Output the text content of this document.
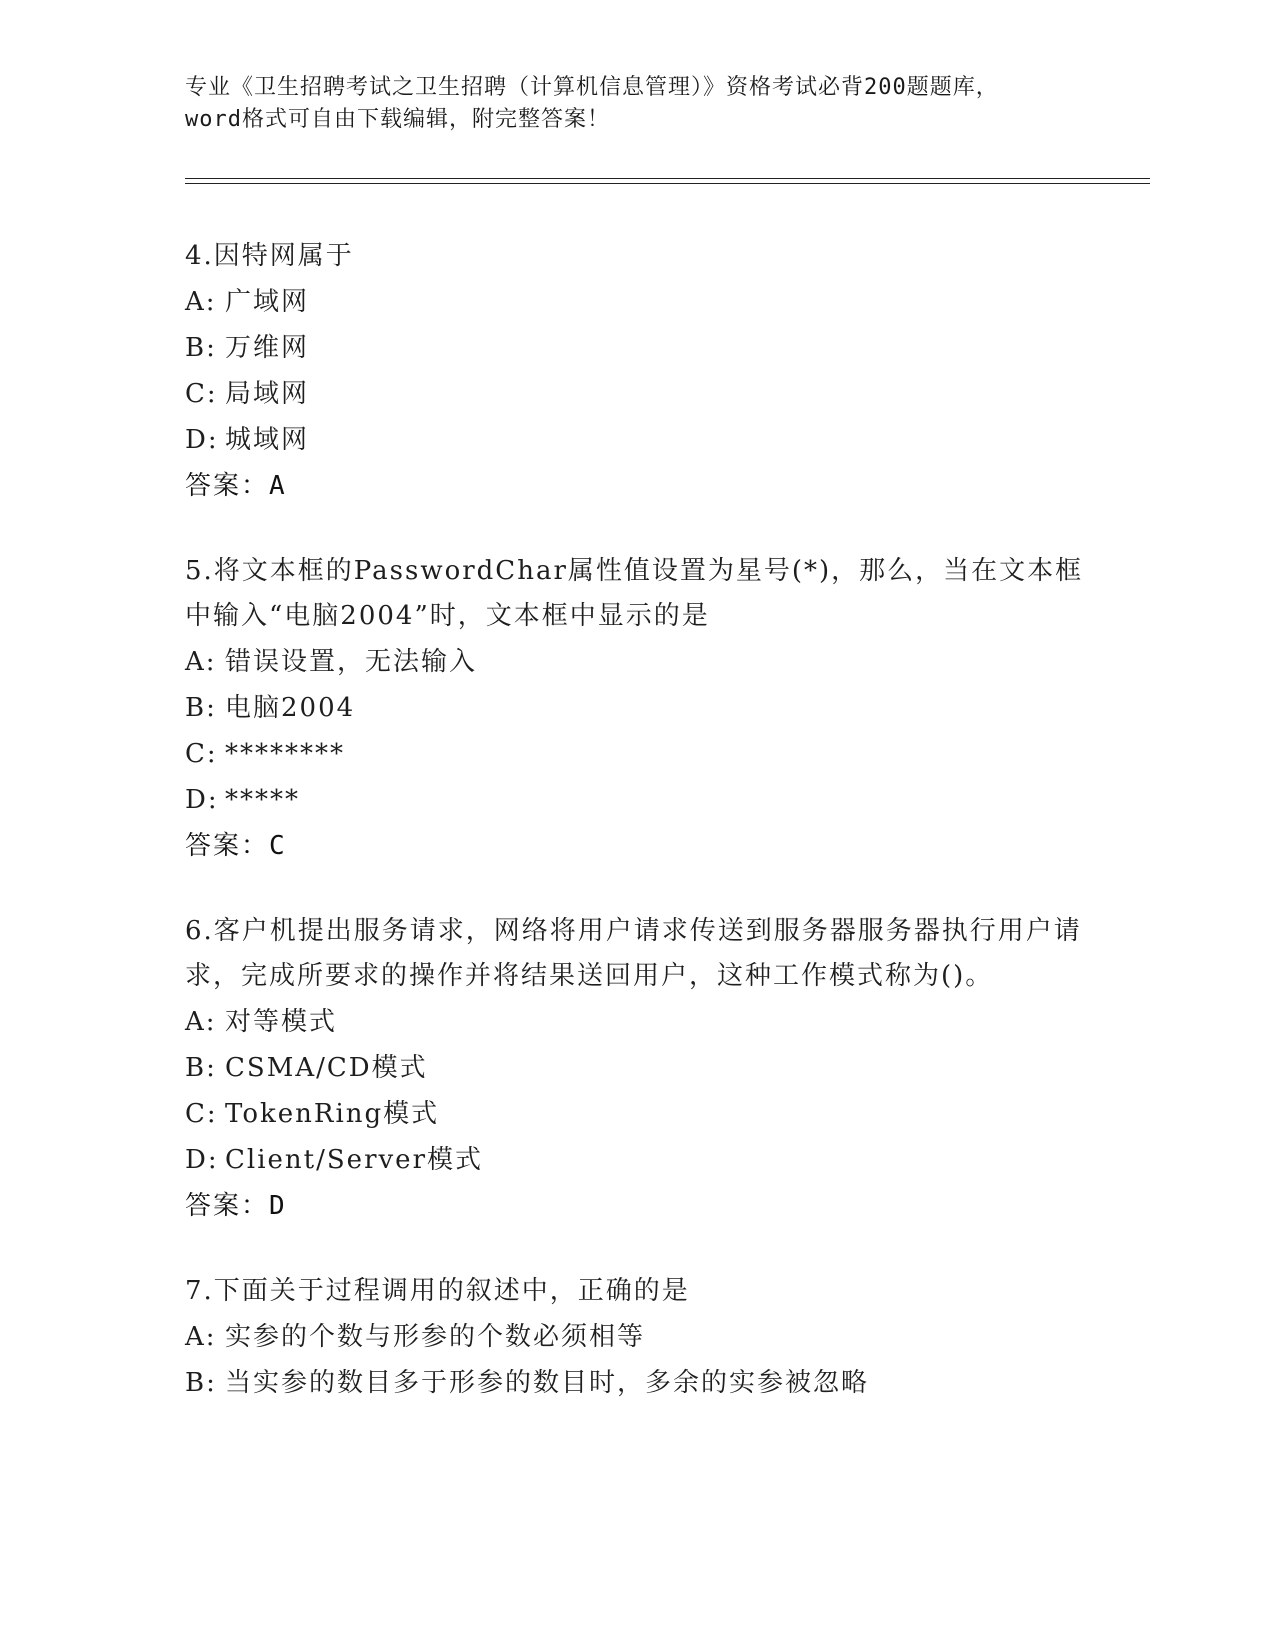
专业《卫生招聘考试之卫生招聘（计算机信息管理）》资格考试必背200题题库，
word格式可自由下载编辑，附完整答案！
4.因特网属于
A: 广域网
B: 万维网
C: 局域网
D: 城域网
答案：A
5.将文本框的PasswordChar属性值设置为星号(*)，那么，当在文本框中输入“电脑2004”时，文本框中显示的是
A: 错误设置，无法输入
B: 电脑2004
C: ********
D: *****
答案：C
6.客户机提出服务请求，网络将用户请求传送到服务器服务器执行用户请求，完成所要求的操作并将结果送回用户，这种工作模式称为()。
A: 对等模式
B: CSMA/CD模式
C: TokenRing模式
D: Client/Server模式
答案：D
7.下面关于过程调用的叙述中，正确的是
A: 实参的个数与形参的个数必须相等
B: 当实参的数目多于形参的数目时，多余的实参被忽略
